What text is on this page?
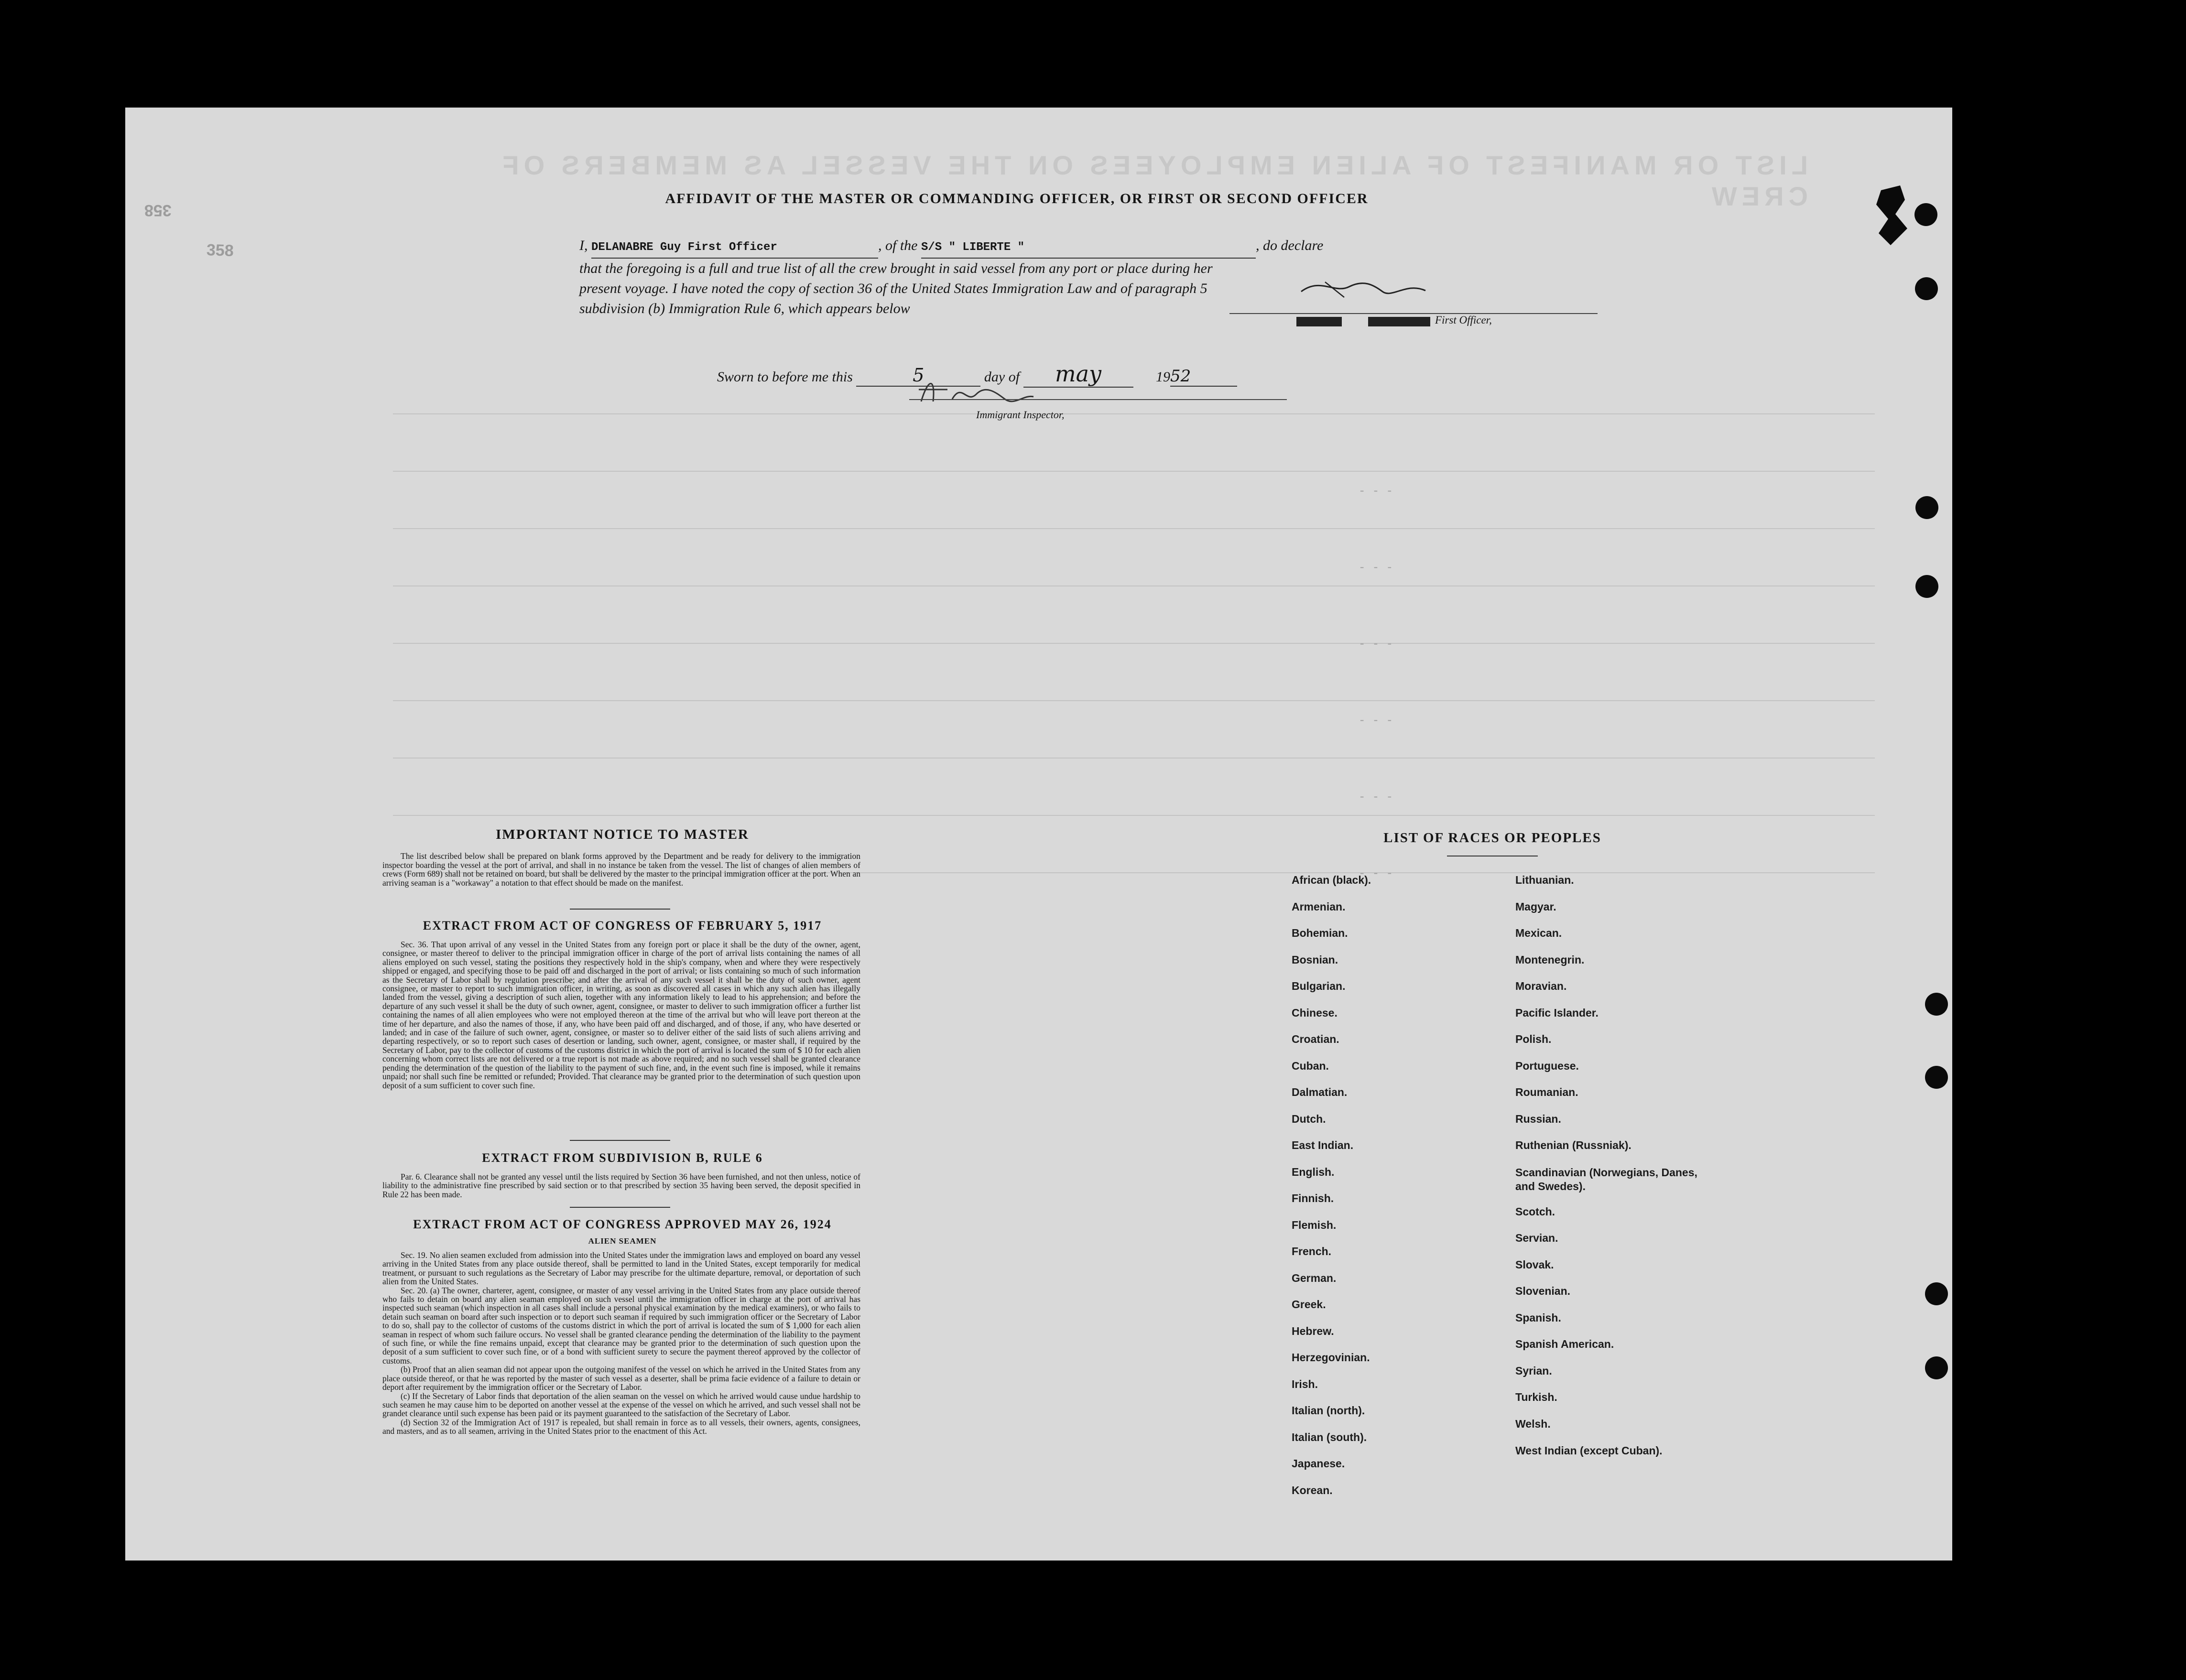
LIST OR MANIFEST OF ALIEN EMPLOYEES ON THE VESSEL AS MEMBERS OF CREW
- - -
- - -
- - -
- - -
- - -
- - -
358
358
AFFIDAVIT OF THE MASTER OR COMMANDING OFFICER, OR FIRST OR SECOND OFFICER
I, DELANABRE Guy First Officer	, of the S/S " LIBERTE "	, do declare
that the foregoing is a full and true list of all the crew brought in said vessel from any port or place during her
present voyage. I have noted the copy of section 36 of the United States Immigration Law and of paragraph 5
subdivision (b) Immigration Rule 6, which appears below
First Officer,
Sworn to before me this	5	day of may	1952
Immigrant Inspector,
IMPORTANT NOTICE TO MASTER

The list described below shall be prepared on blank forms approved by the Department and be ready for delivery to the immigration inspector boarding the vessel at the port of arrival, and shall in no instance be taken from the vessel. The list of changes of alien members of crews (Form 689) shall not be retained on board, but shall be delivered by the master to the principal immigration officer at the port. When an arriving seaman is a "workaway" a notation to that effect should be made on the manifest.

EXTRACT FROM ACT OF CONGRESS OF FEBRUARY 5, 1917

Sec. 36. That upon arrival of any vessel in the United States from any foreign port or place it shall be the duty of the owner, agent, consignee, or master thereof to deliver to the principal immigration officer in charge of the port of arrival lists containing the names of all aliens employed on such vessel, stating the positions they respectively hold in the ship's company, when and where they were respectively shipped or engaged, and specifying those to be paid off and discharged in the port of arrival; or lists containing so much of such information as the Secretary of Labor shall by regulation prescribe; and after the arrival of any such vessel it shall be the duty of such owner, agent consignee, or master to report to such immigration officer, in writing, as soon as discovered all cases in which any such alien has illegally landed from the vessel, giving a description of such alien, together with any information likely to lead to his apprehension; and before the departure of any such vessel it shall be the duty of such owner, agent, consignee, or master to deliver to such immigration officer a further list containing the names of all alien employees who were not employed thereon at the time of the arrival but who will leave port thereon at the time of her departure, and also the names of those, if any, who have been paid off and discharged, and of those, if any, who have deserted or landed; and in case of the failure of such owner, agent, consignee, or master so to deliver either of the said lists of such aliens arriving and departing respectively, or so to report such cases of desertion or landing, such owner, agent, consignee, or master shall, if required by the Secretary of Labor, pay to the collector of customs of the customs district in which the port of arrival is located the sum of $ 10 for each alien concerning whom correct lists are not delivered or a true report is not made as above required; and no such vessel shall be granted clearance pending the determination of the question of the liability to the payment of such fine, and, in the event such fine is imposed, while it remains unpaid; nor shall such fine be remitted or refunded; Provided. That clearance may be granted prior to the determination of such question upon deposit of a sum sufficient to cover such fine.

EXTRACT FROM SUBDIVISION B, RULE 6

Par. 6. Clearance shall not be granted any vessel until the lists required by Section 36 have been furnished, and not then unless, notice of liability to the administrative fine prescribed by said section or to that prescribed by section 35 having been served, the deposit specified in Rule 22 has been made.

EXTRACT FROM ACT OF CONGRESS APPROVED MAY 26, 1924
ALIEN SEAMEN

Sec. 19. No alien seamen excluded from admission into the United States under the immigration laws and employed on board any vessel arriving in the United States from any place outside thereof, shall be permitted to land in the United States, except temporarily for medical treatment, or pursuant to such regulations as the Secretary of Labor may prescribe for the ultimate departure, removal, or deportation of such alien from the United States.

Sec. 20. (a) The owner, charterer, agent, consignee, or master of any vessel arriving in the United States from any place outside thereof who fails to detain on board any alien seaman employed on such vessel until the immigration officer in charge at the port of arrival has inspected such seaman (which inspection in all cases shall include a personal physical examination by the medical examiners), or who fails to detain such seaman on board after such inspection or to deport such seaman if required by such immigration officer or the Secretary of Labor to do so, shall pay to the collector of customs of the customs district in which the port of arrival is located the sum of $ 1,000 for each alien seaman in respect of whom such failure occurs. No vessel shall be granted clearance pending the determination of the liability to the payment of such fine, or while the fine remains unpaid, except that clearance may be granted prior to the determination of such question upon the deposit of a sum sufficient to cover such fine, or of a bond with sufficient surety to secure the payment thereof approved by the collector of customs.

(b) Proof that an alien seaman did not appear upon the outgoing manifest of the vessel on which he arrived in the United States from any place outside thereof, or that he was reported by the master of such vessel as a deserter, shall be prima facie evidence of a failure to detain or deport after requirement by the immigration officer or the Secretary of Labor.

(c) If the Secretary of Labor finds that deportation of the alien seaman on the vessel on which he arrived would cause undue hardship to such seamen he may cause him to be deported on another vessel at the expense of the vessel on which he arrived, and such vessel shall not be grandet clearance until such expense has been paid or its payment guaranteed to the satisfaction of the Secretary of Labor.

(d) Section 32 of the Immigration Act of 1917 is repealed, but shall remain in force as to all vessels, their owners, agents, consignees, and masters, and as to all seamen, arriving in the United States prior to the enactment of this Act.

LIST OF RACES OR PEOPLES
African (black).
Armenian.
Bohemian.
Bosnian.
Bulgarian.
Chinese.
Croatian.
Cuban.
Dalmatian.
Dutch.
East Indian.
English.
Finnish.
Flemish.
French.
German.
Greek.
Hebrew.
Herzegovinian.
Irish.
Italian (north).
Italian (south).
Japanese.
Korean.
Lithuanian.
Magyar.
Mexican.
Montenegrin.
Moravian.
Pacific Islander.
Polish.
Portuguese.
Roumanian.
Russian.
Ruthenian (Russniak).
Scandinavian (Norwegians, Danes, and Swedes).
Scotch.
Servian.
Slovak.
Slovenian.
Spanish.
Spanish American.
Syrian.
Turkish.
Welsh.
West Indian (except Cuban).
